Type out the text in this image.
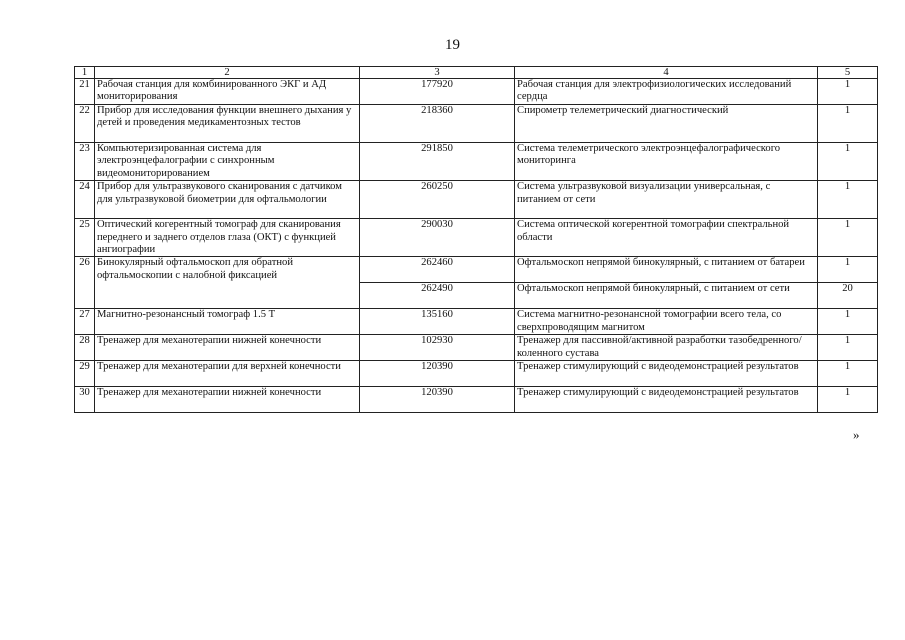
19
1	2	3	4	5
21	Рабочая станция для комбинированного ЭКГ и АД мониторирования	177920	Рабочая станция для электрофизиологических исследований сердца	1
22	Прибор для исследования функции внешнего дыхания у детей и проведения медикаментозных тестов	218360	Спирометр телеметрический диагностический	1
23	Компьютеризированная система для электроэнцефалографии с синхронным видеомониторированием	291850	Система телеметрического электроэнцефалографического мониторинга	1
24	Прибор для ультразвукового сканирования с датчиком для ультразвуковой биометрии для офтальмологии	260250	Система ультразвуковой визуализации универсальная, с питанием от сети	1
25	Оптический когерентный томограф для сканирования переднего и заднего отделов глаза (ОКТ) с функцией ангиографии	290030	Система оптической когерентной томографии спектральной области	1
26	Бинокулярный офтальмоскоп для обратной офтальмоскопии с налобной фиксацией	262460	Офтальмоскоп непрямой бинокулярный, с питанием от батареи	1
		262490	Офтальмоскоп непрямой бинокулярный, с питанием от сети	20
27	Магнитно-резонансный томограф 1.5 Т	135160	Система магнитно-резонансной томографии всего тела, со сверхпроводящим магнитом	1
28	Тренажер для механотерапии нижней конечности	102930	Тренажер для пассивной/активной разработки тазобедренного/коленного сустава	1
29	Тренажер для механотерапии для верхней конечности	120390	Тренажер стимулирующий с видеодемонстрацией результатов	1
30	Тренажер для механотерапии нижней конечности	120390	Тренажер стимулирующий с видеодемонстрацией результатов	1
»
